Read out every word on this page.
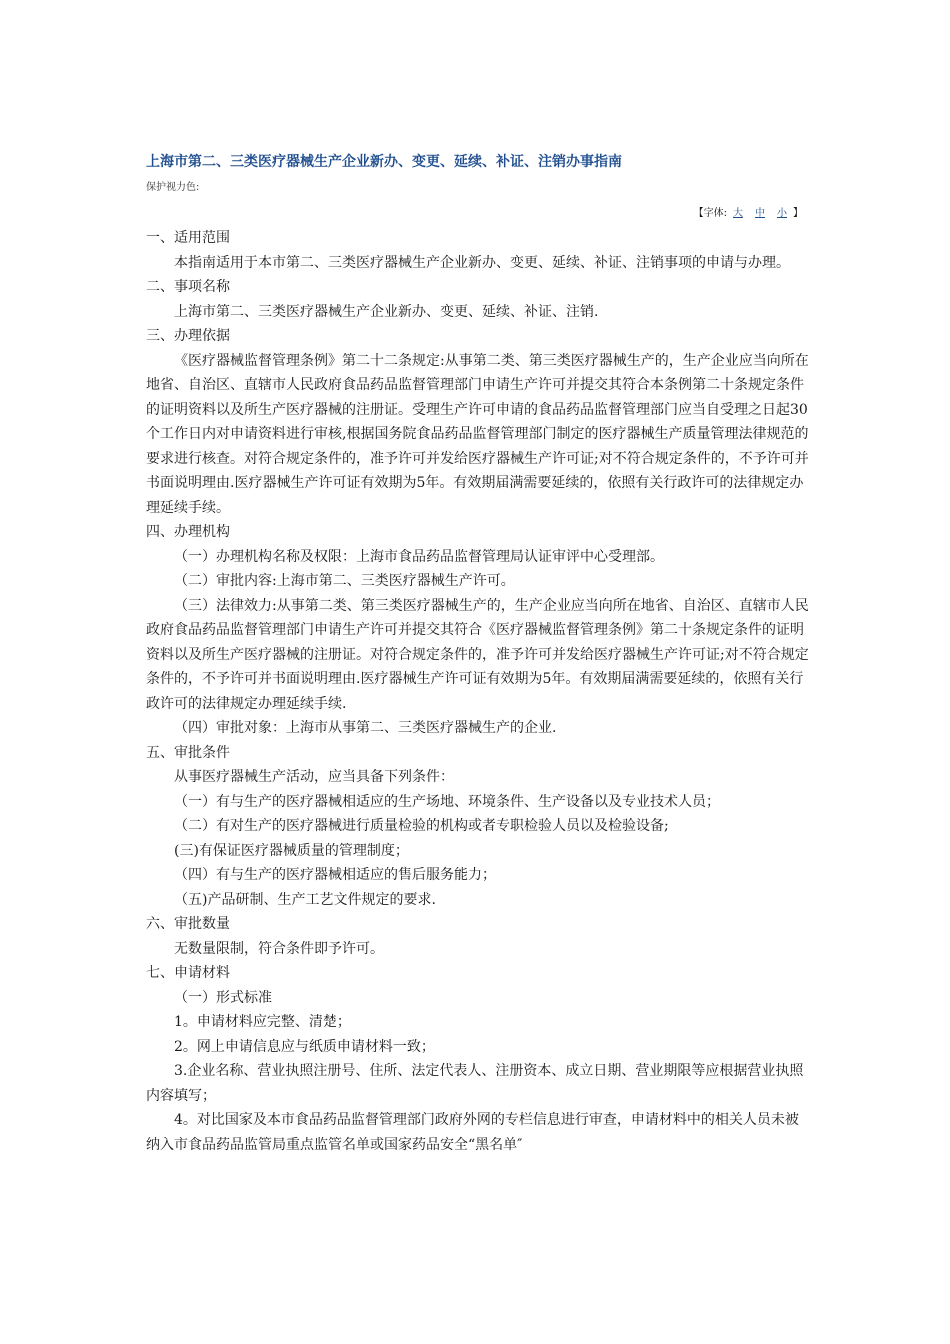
上海市第二、三类医疗器械生产企业新办、变更、延续、补证、注销办事指南
保护视力色:
【字体: 大 中 小 】

一、适用范围

本指南适用于本市第二、三类医疗器械生产企业新办、变更、延续、补证、注销事项的申请与办理。

二、事项名称

上海市第二、三类医疗器械生产企业新办、变更、延续、补证、注销.

三、办理依据

《医疗器械监督管理条例》第二十二条规定:从事第二类、第三类医疗器械生产的，生产企业应当向所在地省、自治区、直辖市人民政府食品药品监督管理部门申请生产许可并提交其符合本条例第二十条规定条件的证明资料以及所生产医疗器械的注册证。受理生产许可申请的食品药品监督管理部门应当自受理之日起30个工作日内对申请资料进行审核,根据国务院食品药品监督管理部门制定的医疗器械生产质量管理法律规范的要求进行核查。对符合规定条件的，准予许可并发给医疗器械生产许可证;对不符合规定条件的，不予许可并书面说明理由.医疗器械生产许可证有效期为5年。有效期届满需要延续的，依照有关行政许可的法律规定办理延续手续。

四、办理机构

（一）办理机构名称及权限：上海市食品药品监督管理局认证审评中心受理部。

（二）审批内容:上海市第二、三类医疗器械生产许可。

（三）法律效力:从事第二类、第三类医疗器械生产的，生产企业应当向所在地省、自治区、直辖市人民政府食品药品监督管理部门申请生产许可并提交其符合《医疗器械监督管理条例》第二十条规定条件的证明资料以及所生产医疗器械的注册证。对符合规定条件的，准予许可并发给医疗器械生产许可证;对不符合规定条件的，不予许可并书面说明理由.医疗器械生产许可证有效期为5年。有效期届满需要延续的，依照有关行政许可的法律规定办理延续手续.

（四）审批对象：上海市从事第二、三类医疗器械生产的企业.

五、审批条件

从事医疗器械生产活动，应当具备下列条件：

（一）有与生产的医疗器械相适应的生产场地、环境条件、生产设备以及专业技术人员；

（二）有对生产的医疗器械进行质量检验的机构或者专职检验人员以及检验设备;

(三)有保证医疗器械质量的管理制度；

（四）有与生产的医疗器械相适应的售后服务能力；

（五)产品研制、生产工艺文件规定的要求.

六、审批数量

无数量限制，符合条件即予许可。

七、申请材料

（一）形式标准

1。申请材料应完整、清楚；

2。网上申请信息应与纸质申请材料一致；

3.企业名称、营业执照注册号、住所、法定代表人、注册资本、成立日期、营业期限等应根据营业执照内容填写；

4。对比国家及本市食品药品监督管理部门政府外网的专栏信息进行审查，申请材料中的相关人员未被纳入市食品药品监管局重点监管名单或国家药品安全“黑名单″
